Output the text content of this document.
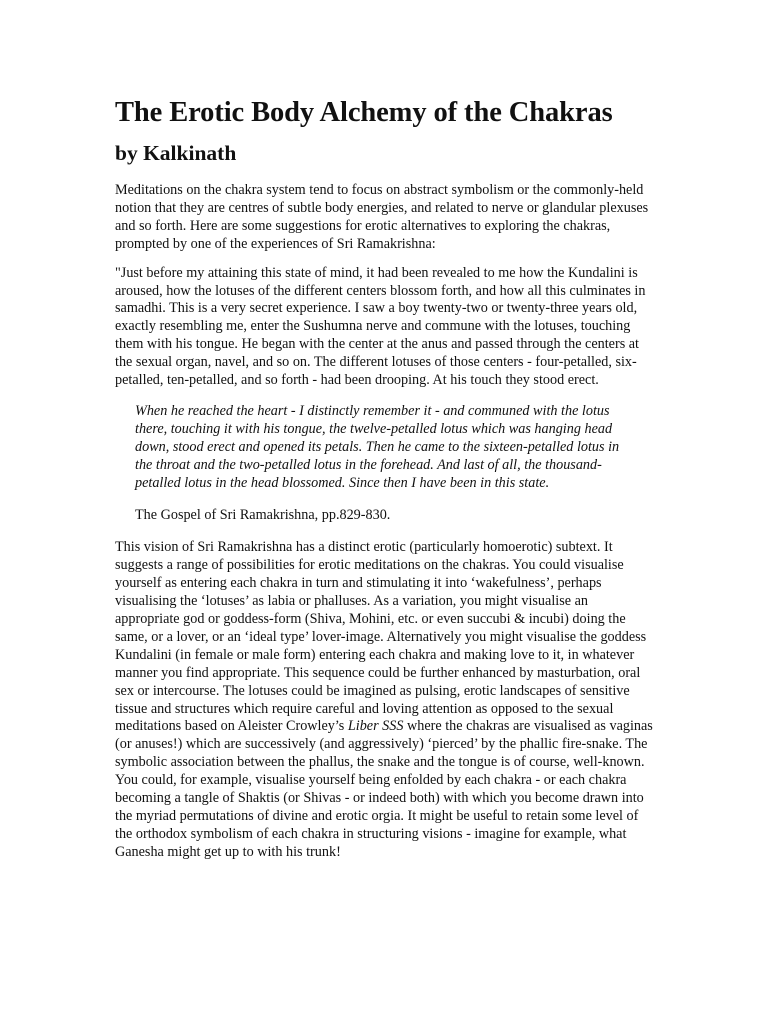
The Erotic Body Alchemy of the Chakras
by Kalkinath

Meditations on the chakra system tend to focus on abstract symbolism or the commonly-held notion that they are centres of subtle body energies, and related to nerve or glandular plexuses and so forth. Here are some suggestions for erotic alternatives to exploring the chakras, prompted by one of the experiences of Sri Ramakrishna:

"Just before my attaining this state of mind, it had been revealed to me how the Kundalini is aroused, how the lotuses of the different centers blossom forth, and how all this culminates in samadhi. This is a very secret experience. I saw a boy twenty-two or twenty-three years old, exactly resembling me, enter the Sushumna nerve and commune with the lotuses, touching them with his tongue. He began with the center at the anus and passed through the centers at the sexual organ, navel, and so on. The different lotuses of those centers - four-petalled, six-petalled, ten-petalled, and so forth - had been drooping. At his touch they stood erect.

When he reached the heart - I distinctly remember it - and communed with the lotus there, touching it with his tongue, the twelve-petalled lotus which was hanging head down, stood erect and opened its petals. Then he came to the sixteen-petalled lotus in the throat and the two-petalled lotus in the forehead. And last of all, the thousand-petalled lotus in the head blossomed. Since then I have been in this state.

The Gospel of Sri Ramakrishna, pp.829-830.

This vision of Sri Ramakrishna has a distinct erotic (particularly homoerotic) subtext. It suggests a range of possibilities for erotic meditations on the chakras. You could visualise yourself as entering each chakra in turn and stimulating it into ‘wakefulness’, perhaps visualising the ‘lotuses’ as labia or phalluses. As a variation, you might visualise an appropriate god or goddess-form (Shiva, Mohini, etc. or even succubi & incubi) doing the same, or a lover, or an ‘ideal type’ lover-image. Alternatively you might visualise the goddess Kundalini (in female or male form) entering each chakra and making love to it, in whatever manner you find appropriate. This sequence could be further enhanced by masturbation, oral sex or intercourse. The lotuses could be imagined as pulsing, erotic landscapes of sensitive tissue and structures which require careful and loving attention as opposed to the sexual meditations based on Aleister Crowley’s Liber SSS where the chakras are visualised as vaginas (or anuses!) which are successively (and aggressively) ‘pierced’ by the phallic fire-snake. The symbolic association between the phallus, the snake and the tongue is of course, well-known. You could, for example, visualise yourself being enfolded by each chakra - or each chakra becoming a tangle of Shaktis (or Shivas - or indeed both) with which you become drawn into the myriad permutations of divine and erotic orgia. It might be useful to retain some level of the orthodox symbolism of each chakra in structuring visions - imagine for example, what Ganesha might get up to with his trunk!
